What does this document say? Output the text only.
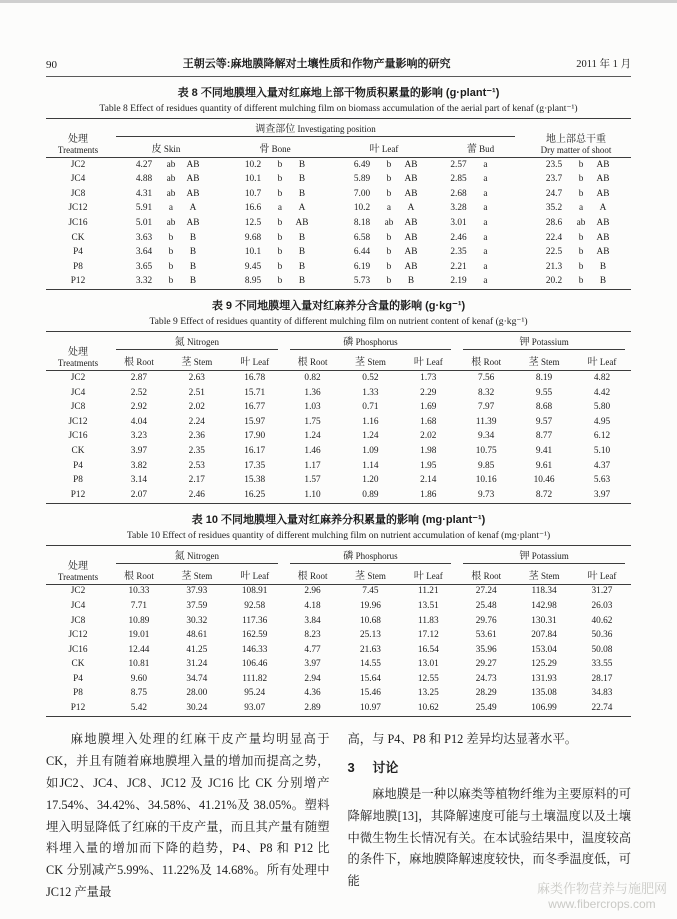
90	王朝云等:麻地膜降解对土壤性质和作物产量影响的研究	2011 年 1 月
表 8 不同地膜埋入量对红麻地上部干物质积累量的影响 (g·plant⁻¹)
Table 8 Effect of residues quantity of different mulching film on biomass accumulation of the aerial part of kenaf (g·plant⁻¹)
处理
Treatments

调查部位 Investigating position

地上部总干重
Dry matter of shoot

	皮 Skin	骨 Bone	叶 Leaf	蕾 Bud	
JC2	4.27 ab AB	10.2 b B	6.49 b AB	2.57 a	23.5 b AB

JC4	4.88 ab AB	10.1 b B	5.89 b AB	2.85 a	23.7 b AB

JC8	4.31 ab AB	10.7 b B	7.00 b AB	2.68 a	24.7 b AB

JC12	5.91 a A	16.6 a A	10.2 a A	3.28 a	35.2 a A

JC16	5.01 ab AB	12.5 b AB	8.18 ab AB	3.01 a	28.6 ab AB

CK	3.63 b B	9.68 b B	6.58 b AB	2.46 a	22.4 b AB

P4	3.64 b B	10.1 b B	6.44 b AB	2.35 a	22.5 b AB

P8	3.65 b B	9.45 b B	6.19 b AB	2.21 a	21.3 b B

P12	3.32 b B	8.95 b B	5.73 b B	2.19 a	20.2 b B
表 9 不同地膜埋入量对红麻养分含量的影响 (g·kg⁻¹)
Table 9 Effect of residues quantity of different mulching film on nutrient content of kenaf (g·kg⁻¹)
处理
Treatments	氮 Nitrogen			磷 Phosphorus			钾 Potassium		

	根 Root	茎 Stem	叶 Leaf	根 Root	茎 Stem	叶 Leaf	根 Root	茎 Stem	叶 Leaf
JC2	2.87	2.63	16.78	0.82	0.52	1.73	7.56	8.19	4.82
JC4	2.52	2.51	15.71	1.36	1.33	2.29	8.32	9.55	4.42
JC8	2.92	2.02	16.77	1.03	0.71	1.69	7.97	8.68	5.80
JC12	4.04	2.24	15.97	1.75	1.16	1.68	11.39	9.57	4.95
JC16	3.23	2.36	17.90	1.24	1.24	2.02	9.34	8.77	6.12
CK	3.97	2.35	16.17	1.46	1.09	1.98	10.75	9.41	5.10
P4	3.82	2.53	17.35	1.17	1.14	1.95	9.85	9.61	4.37
P8	3.14	2.17	15.38	1.57	1.20	2.14	10.16	10.46	5.63
P12	2.07	2.46	16.25	1.10	0.89	1.86	9.73	8.72	3.97
表 10 不同地膜埋入量对红麻养分积累量的影响 (mg·plant⁻¹)
Table 10 Effect of residues quantity of different mulching film on nutrient accumulation of kenaf (mg·plant⁻¹)
处理
Treatments	氮 Nitrogen			磷 Phosphorus			钾 Potassium		

	根 Root	茎 Stem	叶 Leaf	根 Root	茎 Stem	叶 Leaf	根 Root	茎 Stem	叶 Leaf
JC2	10.33	37.93	108.91	2.96	7.45	11.21	27.24	118.34	31.27
JC4	7.71	37.59	92.58	4.18	19.96	13.51	25.48	142.98	26.03
JC8	10.89	30.32	117.36	3.84	10.68	11.83	29.76	130.31	40.62
JC12	19.01	48.61	162.59	8.23	25.13	17.12	53.61	207.84	50.36
JC16	12.44	41.25	146.33	4.77	21.63	16.54	35.96	153.04	50.08
CK	10.81	31.24	106.46	3.97	14.55	13.01	29.27	125.29	33.55
P4	9.60	34.74	111.82	2.94	15.64	12.55	24.73	131.93	28.17
P8	8.75	28.00	95.24	4.36	15.46	13.25	28.29	135.08	34.83
P12	5.42	30.24	93.07	2.89	10.97	10.62	25.49	106.99	22.74

麻地膜埋入处理的红麻干皮产量均明显高于CK，并且有随着麻地膜埋入量的增加而提高之势，如JC2、JC4、JC8、JC12 及 JC16 比 CK 分别增产 17.54%、34.42%、34.58%、41.21%及 38.05%。塑料埋入明显降低了红麻的干皮产量，而且其产量有随塑料埋入量的增加而下降的趋势，P4、P8 和 P12 比 CK 分别减产5.99%、11.22%及 14.68%。所有处理中 JC12 产量最

高，与 P4、P8 和 P12 差异均达显著水平。

3 讨论

麻地膜是一种以麻类等植物纤维为主要原料的可降解地膜[13]，其降解速度可能与土壤温度以及土壤中微生物生长情况有关。在本试验结果中，温度较高的条件下，麻地膜降解速度较快，而冬季温度低，可能	麻类作物营养与施肥网
www.fibercrops.com
